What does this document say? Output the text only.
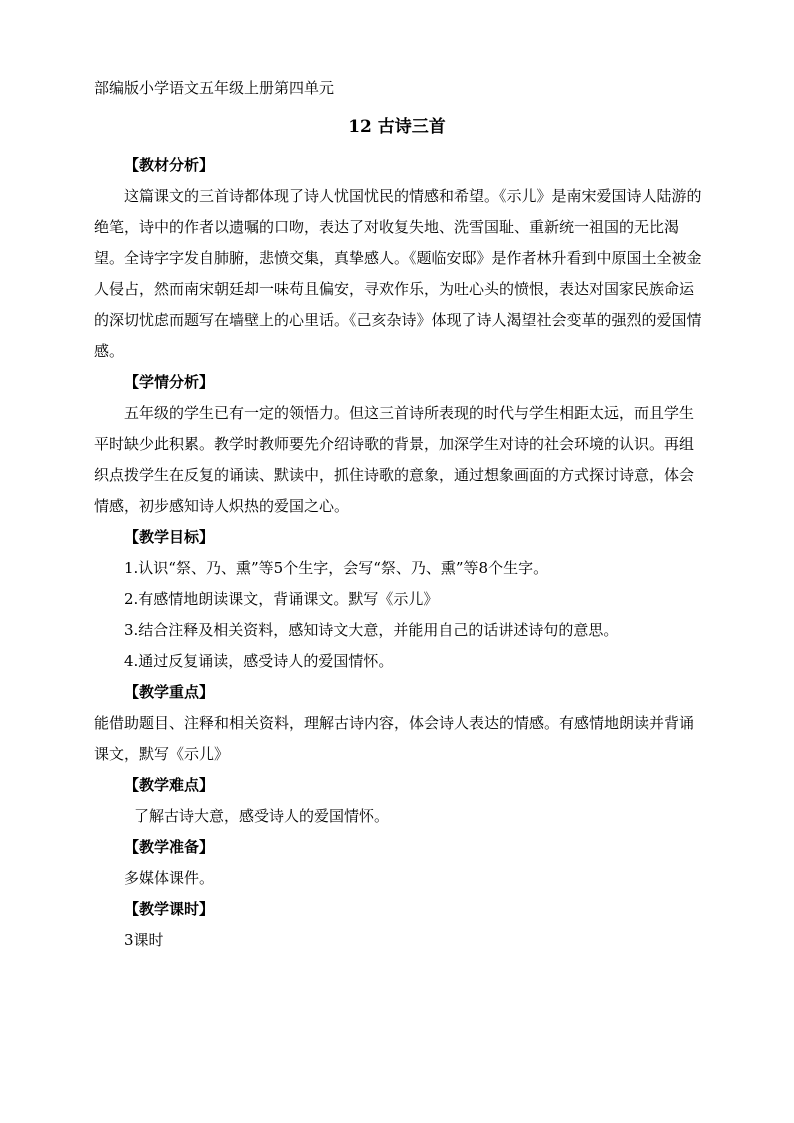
部编版小学语文五年级上册第四单元
12 古诗三首
【教材分析】

这篇课文的三首诗都体现了诗人忧国忧民的情感和希望。《示儿》是南宋爱国诗人陆游的绝笔，诗中的作者以遗嘱的口吻，表达了对收复失地、洗雪国耻、重新统一祖国的无比渴望。全诗字字发自肺腑，悲愤交集，真挚感人。《题临安邸》是作者林升看到中原国土全被金人侵占，然而南宋朝廷却一味苟且偏安，寻欢作乐，为吐心头的愤恨，表达对国家民族命运的深切忧虑而题写在墙壁上的心里话。《己亥杂诗》体现了诗人渴望社会变革的强烈的爱国情感。

【学情分析】

五年级的学生已有一定的领悟力。但这三首诗所表现的时代与学生相距太远，而且学生平时缺少此积累。教学时教师要先介绍诗歌的背景，加深学生对诗的社会环境的认识。再组织点拨学生在反复的诵读、默读中，抓住诗歌的意象，通过想象画面的方式探讨诗意，体会情感，初步感知诗人炽热的爱国之心。

【教学目标】

1.认识“祭、乃、熏”等5个生字，会写“祭、乃、熏”等8个生字。

2.有感情地朗读课文，背诵课文。默写《示儿》

3.结合注释及相关资料，感知诗文大意，并能用自己的话讲述诗句的意思。

4.通过反复诵读，感受诗人的爱国情怀。

【教学重点】

能借助题目、注释和相关资料，理解古诗内容，体会诗人表达的情感。有感情地朗读并背诵课文，默写《示儿》

【教学难点】

了解古诗大意，感受诗人的爱国情怀。

【教学准备】

多媒体课件。

【教学课时】

3课时
